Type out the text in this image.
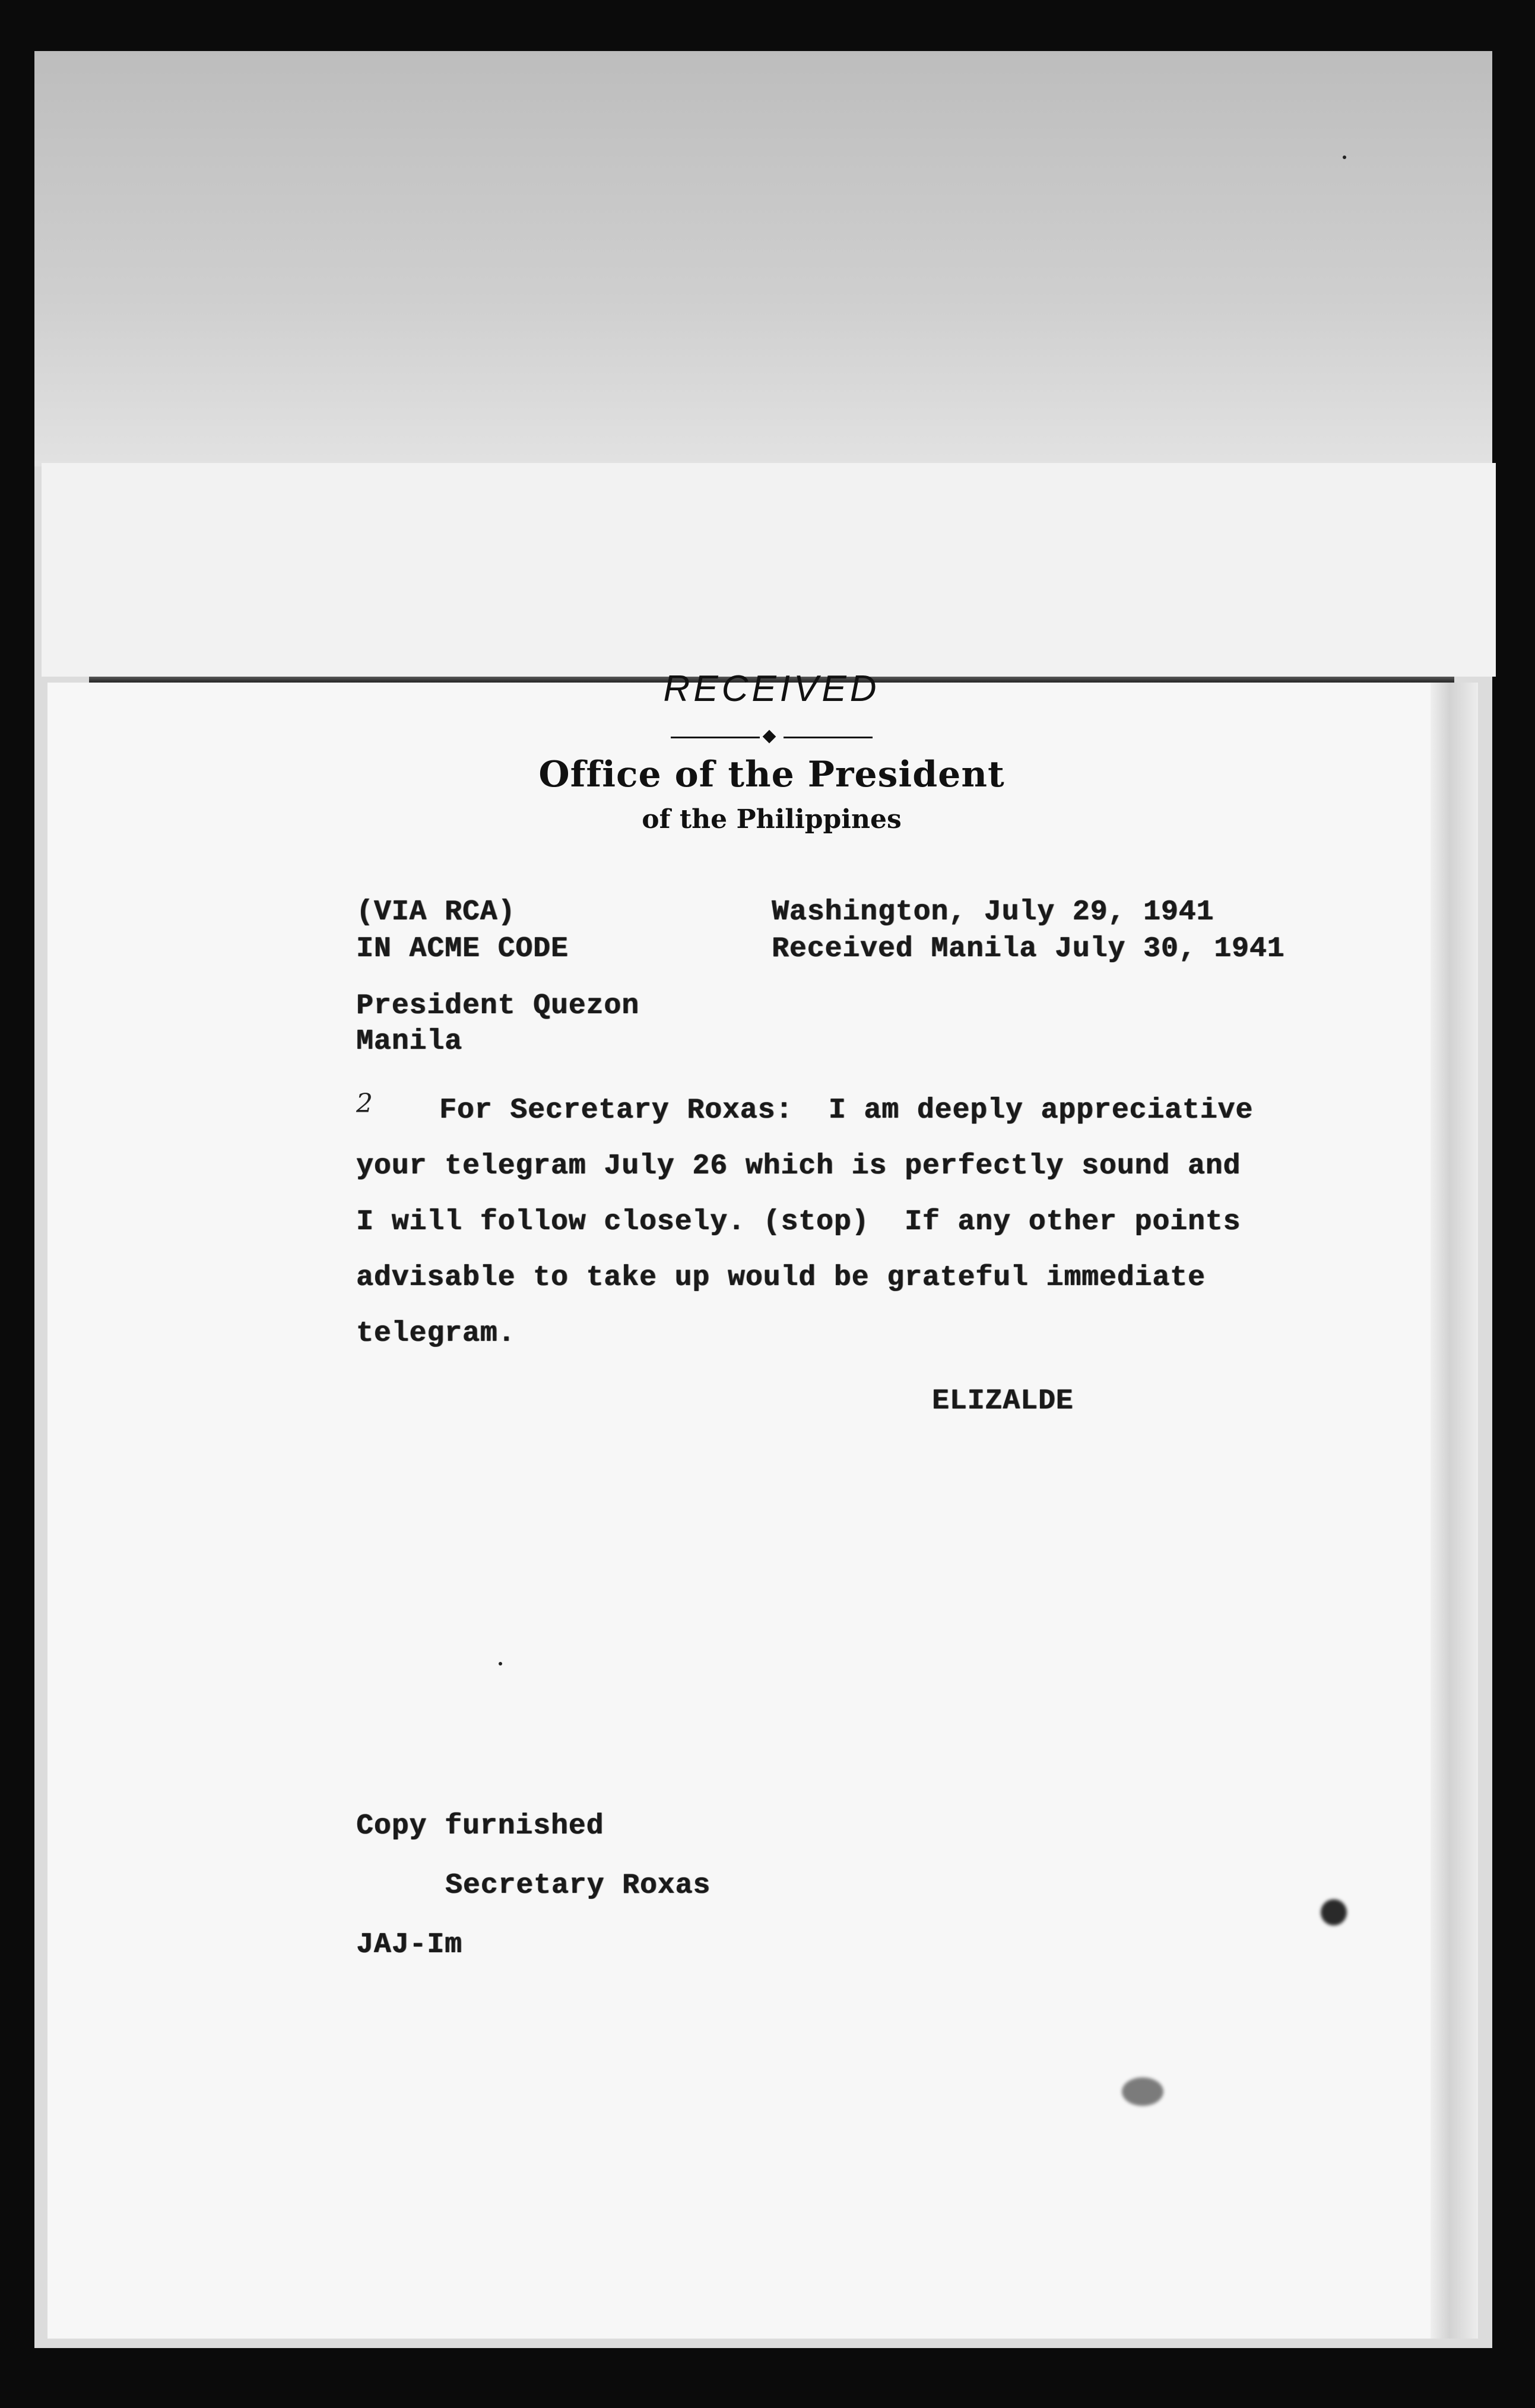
RECEIVED
Office of the President
of the Philippines
(VIA RCA)
IN ACME CODE
Washington, July 29, 1941
Received Manila July 30, 1941
President Quezon
Manila
2 For Secretary Roxas:  I am deeply appreciative
your telegram July 26 which is perfectly sound and
I will follow closely. (stop)  If any other points
advisable to take up would be grateful immediate
telegram.
ELIZALDE
Copy furnished
Secretary Roxas
JAJ-Im
